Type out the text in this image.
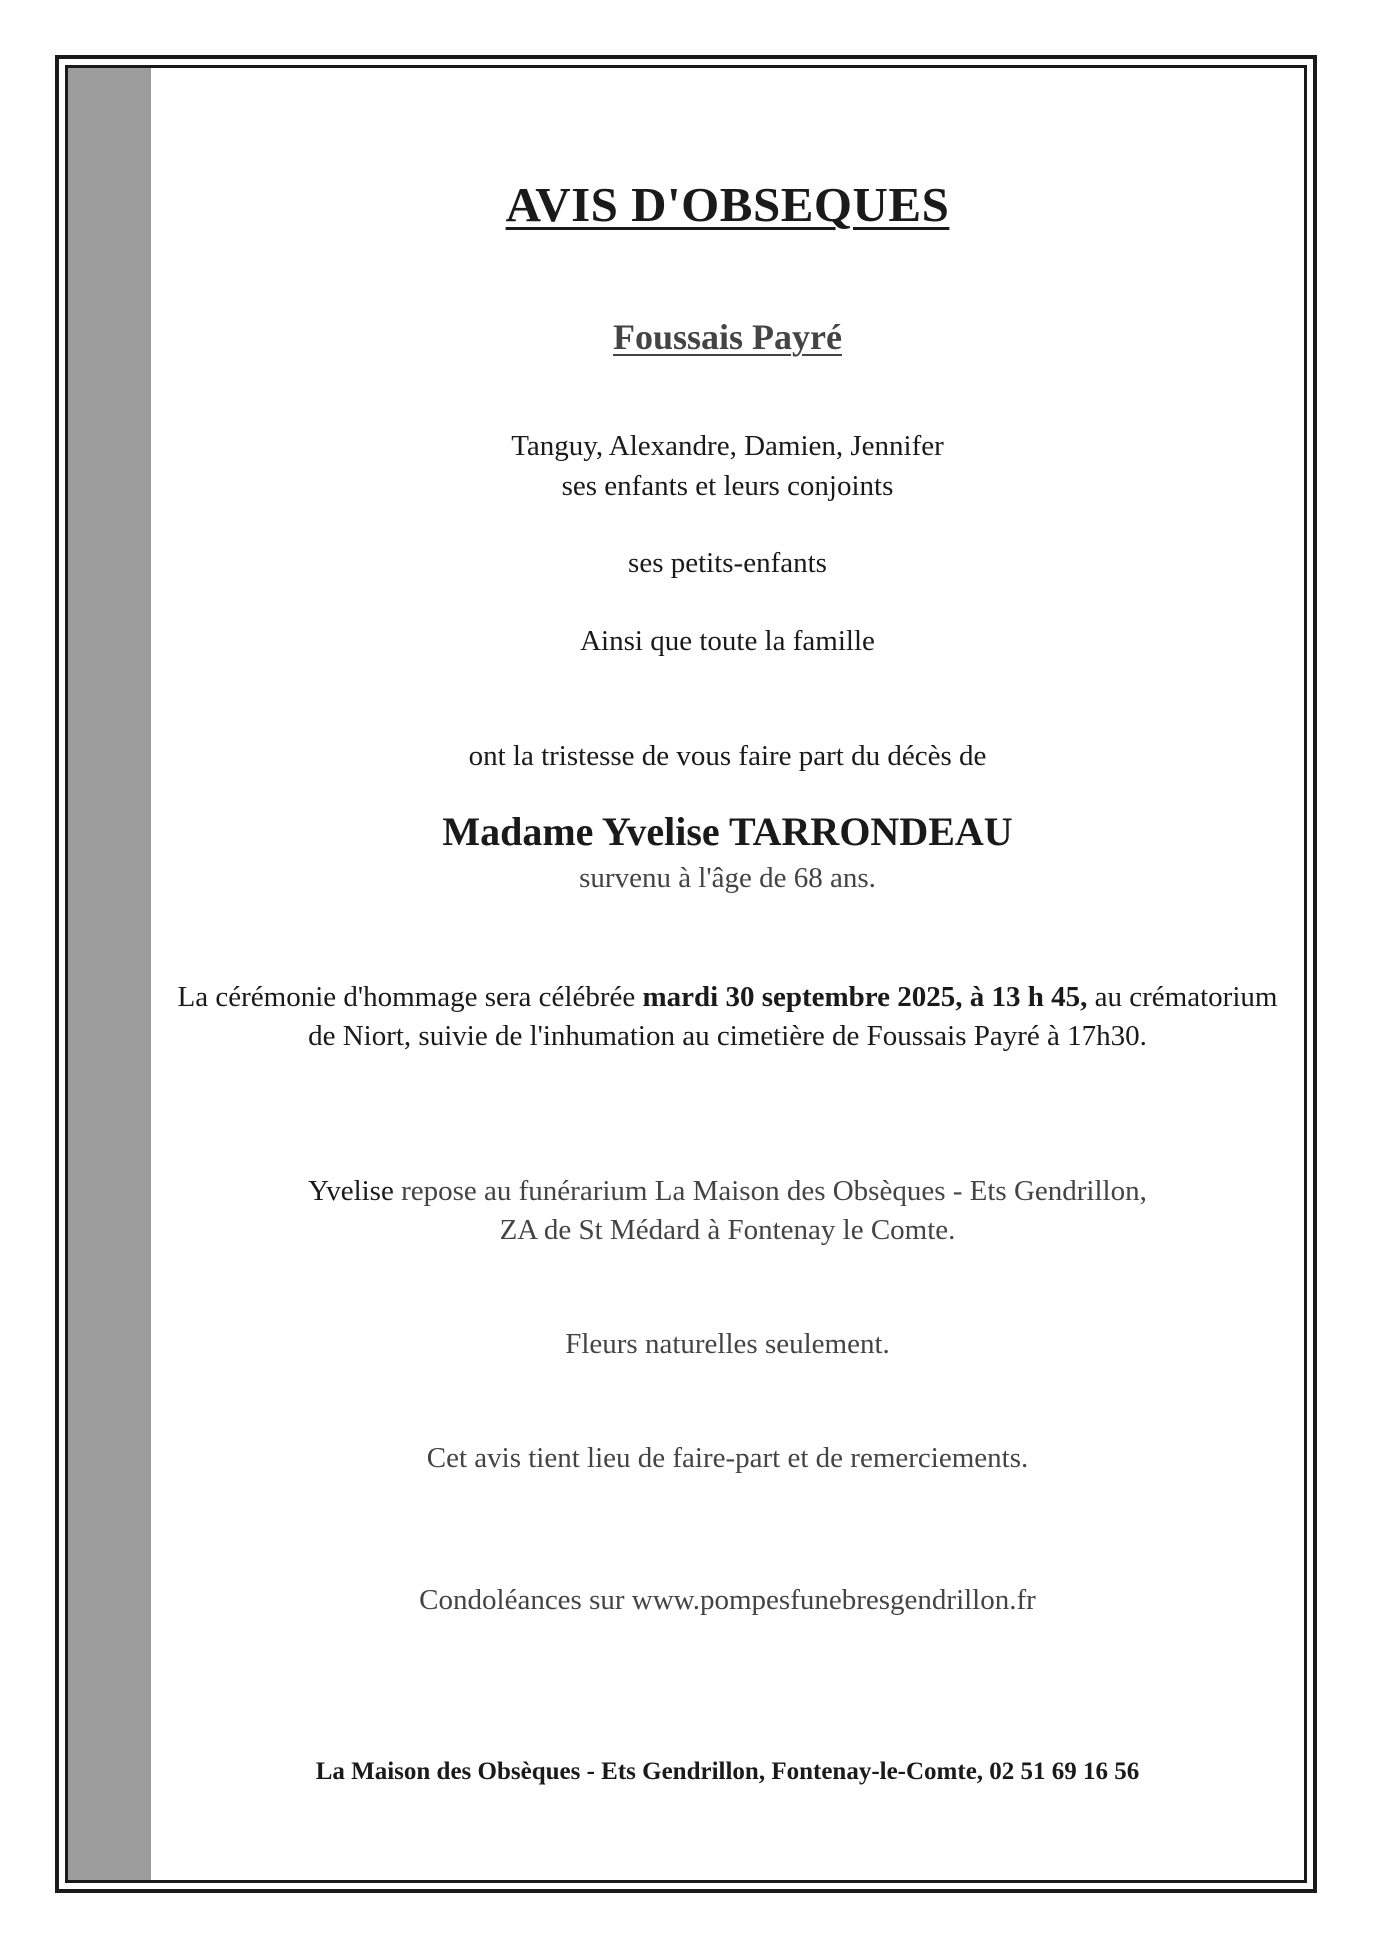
AVIS D'OBSEQUES
Foussais Payré
Tanguy, Alexandre, Damien, Jennifer
ses enfants et leurs conjoints
ses petits-enfants
Ainsi que toute la famille
ont la tristesse de vous faire part du décès de
Madame Yvelise TARRONDEAU
survenu à l'âge de 68 ans.
La cérémonie d'hommage sera célébrée mardi 30 septembre 2025, à 13 h 45, au crématorium de Niort, suivie de l'inhumation au cimetière de Foussais Payré à 17h30.
Yvelise repose au funérarium La Maison des Obsèques - Ets Gendrillon,
ZA de St Médard à Fontenay le Comte.
Fleurs naturelles seulement.
Cet avis tient lieu de faire-part et de remerciements.
Condoléances sur www.pompesfunebresgendrillon.fr
La Maison des Obsèques - Ets Gendrillon, Fontenay-le-Comte, 02 51 69 16 56
